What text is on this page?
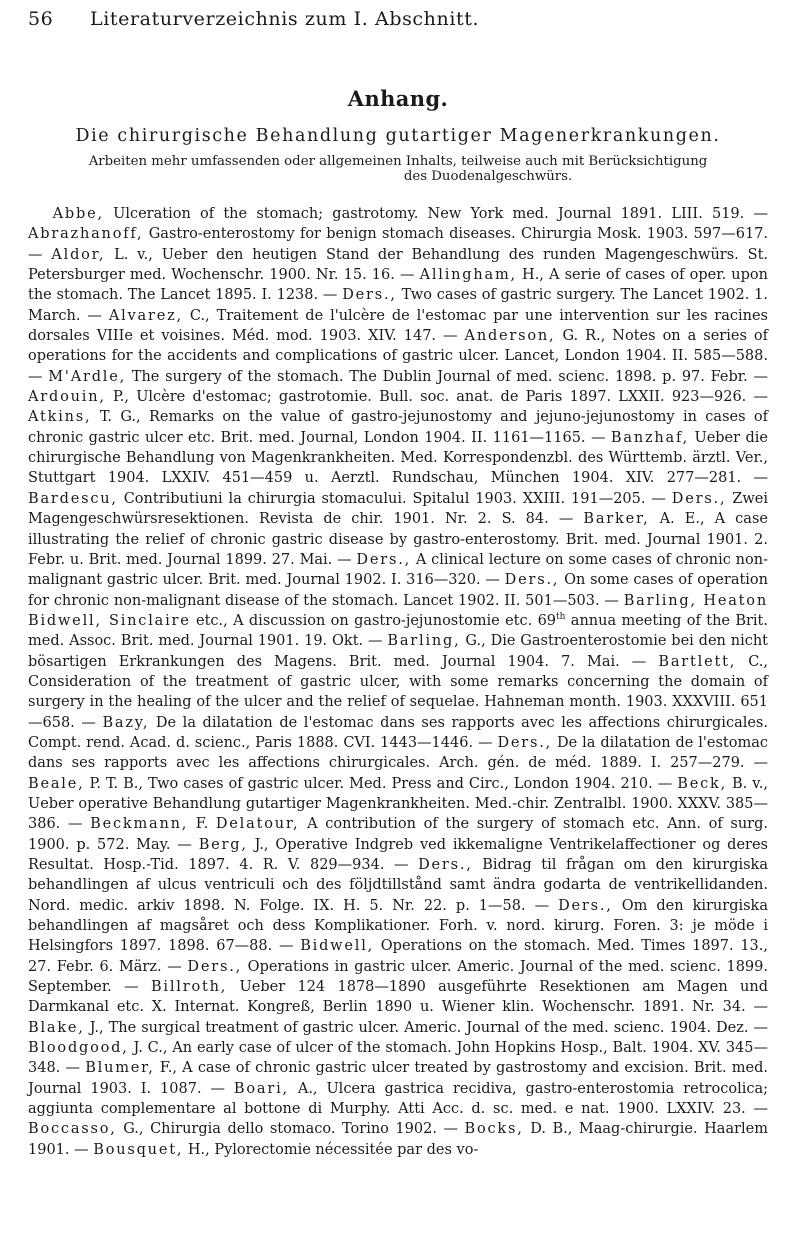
56 Literaturverzeichnis zum I. Abschnitt.
Anhang.
Die chirurgische Behandlung gutartiger Magenerkrankungen.
Arbeiten mehr umfassenden oder allgemeinen Inhalts, teilweise auch mit Berücksichtigung
des Duodenalgeschwürs.
Abbe, Ulceration of the stomach; gastrotomy. New York med. Journal 1891. LIII. 519. — Abrazhanoff, Gastro-enterostomy for benign stomach diseases. Chirurgia Mosk. 1903. 597—617. — Aldor, L. v., Ueber den heutigen Stand der Behandlung des runden Magengeschwürs. St. Petersburger med. Wochenschr. 1900. Nr. 15. 16. — Allingham, H., A serie of cases of oper. upon the stomach. The Lancet 1895. I. 1238. — Ders., Two cases of gastric surgery. The Lancet 1902. 1. March. — Alvarez, C., Traitement de l'ulcère de l'estomac par une intervention sur les racines dorsales VIIIe et voisines. Méd. mod. 1903. XIV. 147. — Anderson, G. R., Notes on a series of operations for the accidents and complications of gastric ulcer. Lancet, London 1904. II. 585—588. — M'Ardle, The surgery of the stomach. The Dublin Journal of med. scienc. 1898. p. 97. Febr. — Ardouin, P., Ulcère d'estomac; gastrotomie. Bull. soc. anat. de Paris 1897. LXXII. 923—926. — Atkins, T. G., Remarks on the value of gastro-jejunostomy and jejuno-jejunostomy in cases of chronic gastric ulcer etc. Brit. med. Journal, London 1904. II. 1161—1165. — Banzhaf, Ueber die chirurgische Behandlung von Magenkrankheiten. Med. Korrespondenzbl. des Württemb. ärztl. Ver., Stuttgart 1904. LXXIV. 451—459 u. Aerztl. Rundschau, München 1904. XIV. 277—281. — Bardescu, Contributiuni la chirurgia stomacului. Spitalul 1903. XXIII. 191—205. — Ders., Zwei Magengeschwürsresektionen. Revista de chir. 1901. Nr. 2. S. 84. — Barker, A. E., A case illustrating the relief of chronic gastric disease by gastro-enterostomy. Brit. med. Journal 1901. 2. Febr. u. Brit. med. Journal 1899. 27. Mai. — Ders., A clinical lecture on some cases of chronic non-malignant gastric ulcer. Brit. med. Journal 1902. I. 316—320. — Ders., On some cases of operation for chronic non-malignant disease of the stomach. Lancet 1902. II. 501—503. — Barling, Heaton Bidwell, Sinclaire etc., A discussion on gastro-jejunostomie etc. 69th annua meeting of the Brit. med. Assoc. Brit. med. Journal 1901. 19. Okt. — Barling, G., Die Gastroenterostomie bei den nicht bösartigen Erkrankungen des Magens. Brit. med. Journal 1904. 7. Mai. — Bartlett, C., Consideration of the treatment of gastric ulcer, with some remarks concerning the domain of surgery in the healing of the ulcer and the relief of sequelae. Hahneman month. 1903. XXXVIII. 651—658. — Bazy, De la dilatation de l'estomac dans ses rapports avec les affections chirurgicales. Compt. rend. Acad. d. scienc., Paris 1888. CVI. 1443—1446. — Ders., De la dilatation de l'estomac dans ses rapports avec les affections chirurgicales. Arch. gén. de méd. 1889. I. 257—279. — Beale, P. T. B., Two cases of gastric ulcer. Med. Press and Circ., London 1904. 210. — Beck, B. v., Ueber operative Behandlung gutartiger Magenkrankheiten. Med.-chir. Zentralbl. 1900. XXXV. 385—386. — Beckmann, F. Delatour, A contribution of the surgery of stomach etc. Ann. of surg. 1900. p. 572. May. — Berg, J., Operative Indgreb ved ikkemaligne Ventrikelaffectioner og deres Resultat. Hosp.-Tid. 1897. 4. R. V. 829—934. — Ders., Bidrag til frågan om den kirurgiska behandlingen af ulcus ventriculi och des följdtillstånd samt ändra godarta de ventrikellidanden. Nord. medic. arkiv 1898. N. Folge. IX. H. 5. Nr. 22. p. 1—58. — Ders., Om den kirurgiska behandlingen af magsåret och dess Komplikationer. Forh. v. nord. kirurg. Foren. 3: je möde i Helsingfors 1897. 1898. 67—88. — Bidwell, Operations on the stomach. Med. Times 1897. 13., 27. Febr. 6. März. — Ders., Operations in gastric ulcer. Americ. Journal of the med. scienc. 1899. September. — Billroth, Ueber 124 1878—1890 ausgeführte Resektionen am Magen und Darmkanal etc. X. Internat. Kongreß, Berlin 1890 u. Wiener klin. Wochenschr. 1891. Nr. 34. — Blake, J., The surgical treatment of gastric ulcer. Americ. Journal of the med. scienc. 1904. Dez. — Bloodgood, J. C., An early case of ulcer of the stomach. John Hopkins Hosp., Balt. 1904. XV. 345—348. — Blumer, F., A case of chronic gastric ulcer treated by gastrostomy and excision. Brit. med. Journal 1903. I. 1087. — Boari, A., Ulcera gastrica recidiva, gastro-enterostomia retrocolica; aggiunta complementare al bottone di Murphy. Atti Acc. d. sc. med. e nat. 1900. LXXIV. 23. — Boccasso, G., Chirurgia dello stomaco. Torino 1902. — Bocks, D. B., Maag-chirurgie. Haarlem 1901. — Bousquet, H., Pylorectomie nécessitée par des vo-
